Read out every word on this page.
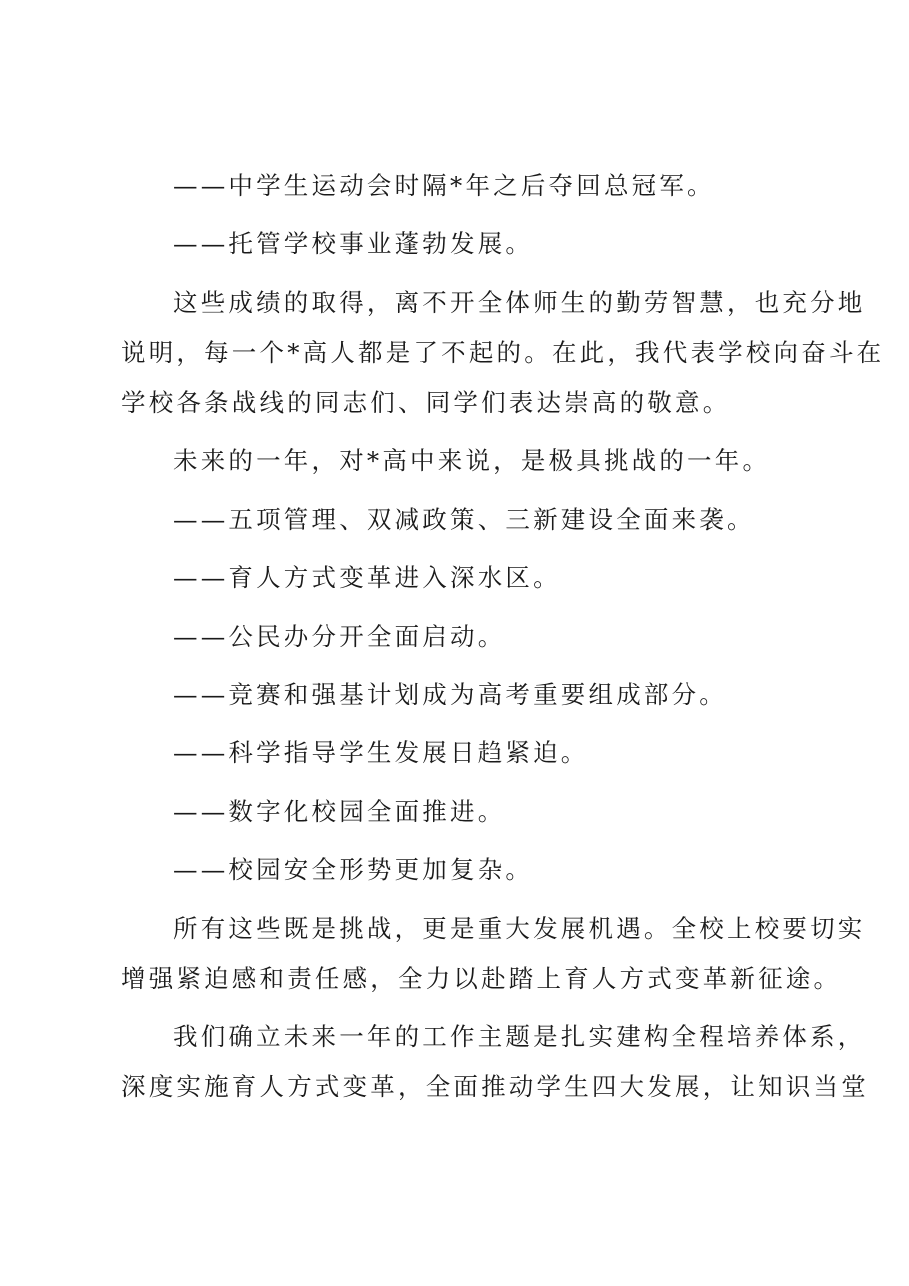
——中学生运动会时隔*年之后夺回总冠军。
——托管学校事业蓬勃发展。
这些成绩的取得，离不开全体师生的勤劳智慧，也充分地
说明，每一个*高人都是了不起的。在此，我代表学校向奋斗在
学校各条战线的同志们、同学们表达崇高的敬意。
未来的一年，对*高中来说，是极具挑战的一年。
——五项管理、双减政策、三新建设全面来袭。
——育人方式变革进入深水区。
——公民办分开全面启动。
——竞赛和强基计划成为高考重要组成部分。
——科学指导学生发展日趋紧迫。
——数字化校园全面推进。
——校园安全形势更加复杂。
所有这些既是挑战，更是重大发展机遇。全校上校要切实
增强紧迫感和责任感，全力以赴踏上育人方式变革新征途。
我们确立未来一年的工作主题是扎实建构全程培养体系，
深度实施育人方式变革，全面推动学生四大发展，让知识当堂
